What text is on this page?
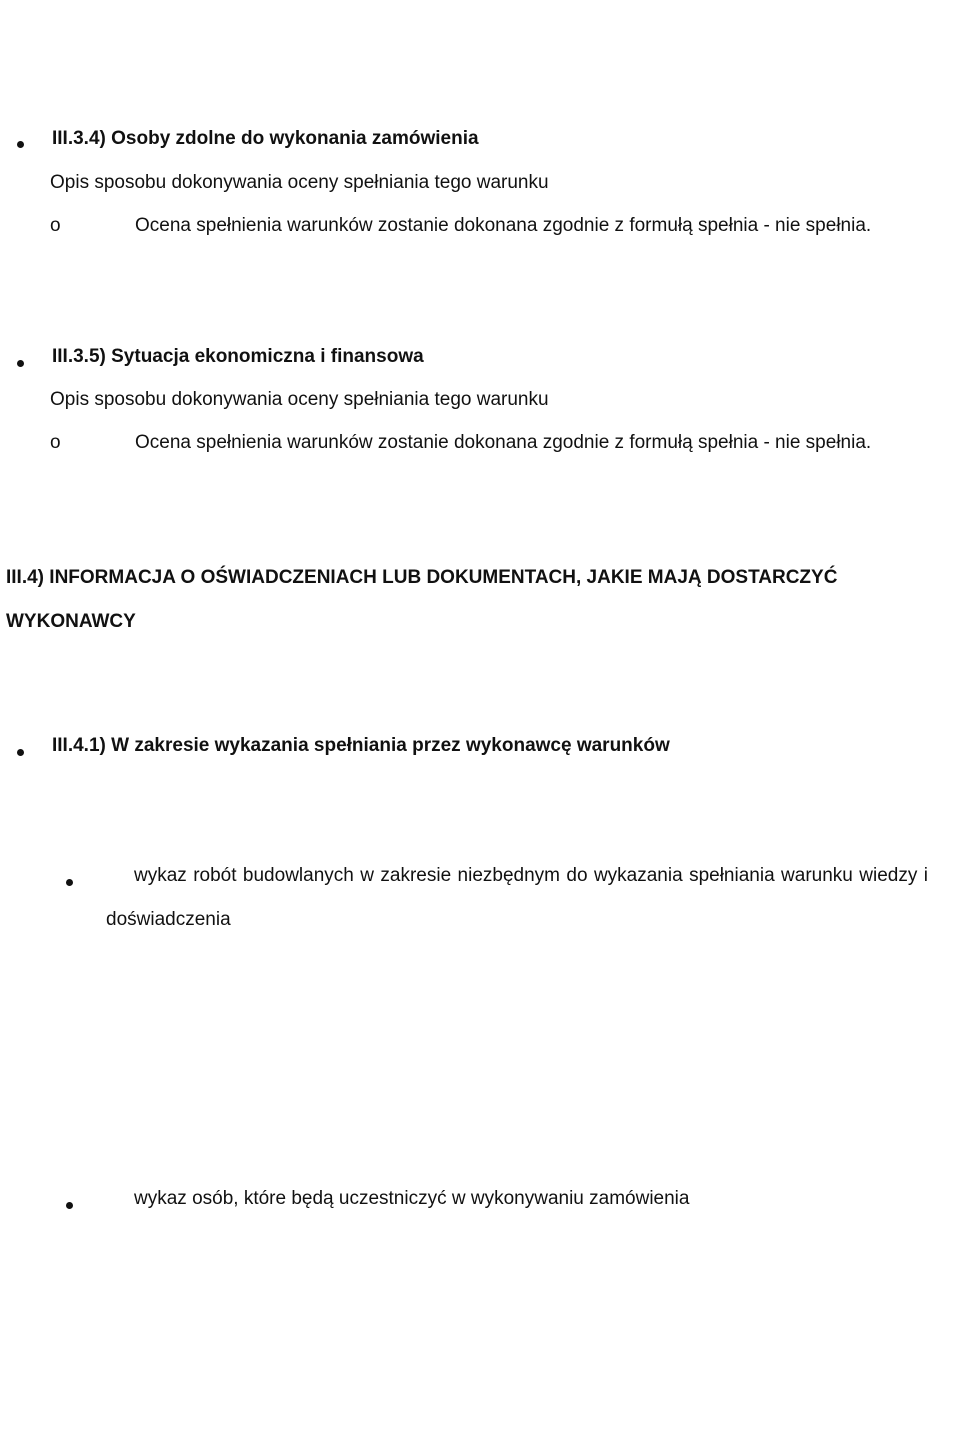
III.3.4) Osoby zdolne do wykonania zamówienia
Opis sposobu dokonywania oceny spełniania tego warunku
o	Ocena spełnienia warunków zostanie dokonana zgodnie z formułą spełnia - nie spełnia.
III.3.5) Sytuacja ekonomiczna i finansowa
Opis sposobu dokonywania oceny spełniania tego warunku
o	Ocena spełnienia warunków zostanie dokonana zgodnie z formułą spełnia - nie spełnia.
III.4) INFORMACJA O OŚWIADCZENIACH LUB DOKUMENTACH, JAKIE MAJĄ DOSTARCZYĆ WYKONAWCY
III.4.1) W zakresie wykazania spełniania przez wykonawcę warunków
wykaz robót budowlanych w zakresie niezbędnym do wykazania spełniania warunku wiedzy i doświadczenia
wykaz osób, które będą uczestniczyć w wykonywaniu zamówienia
